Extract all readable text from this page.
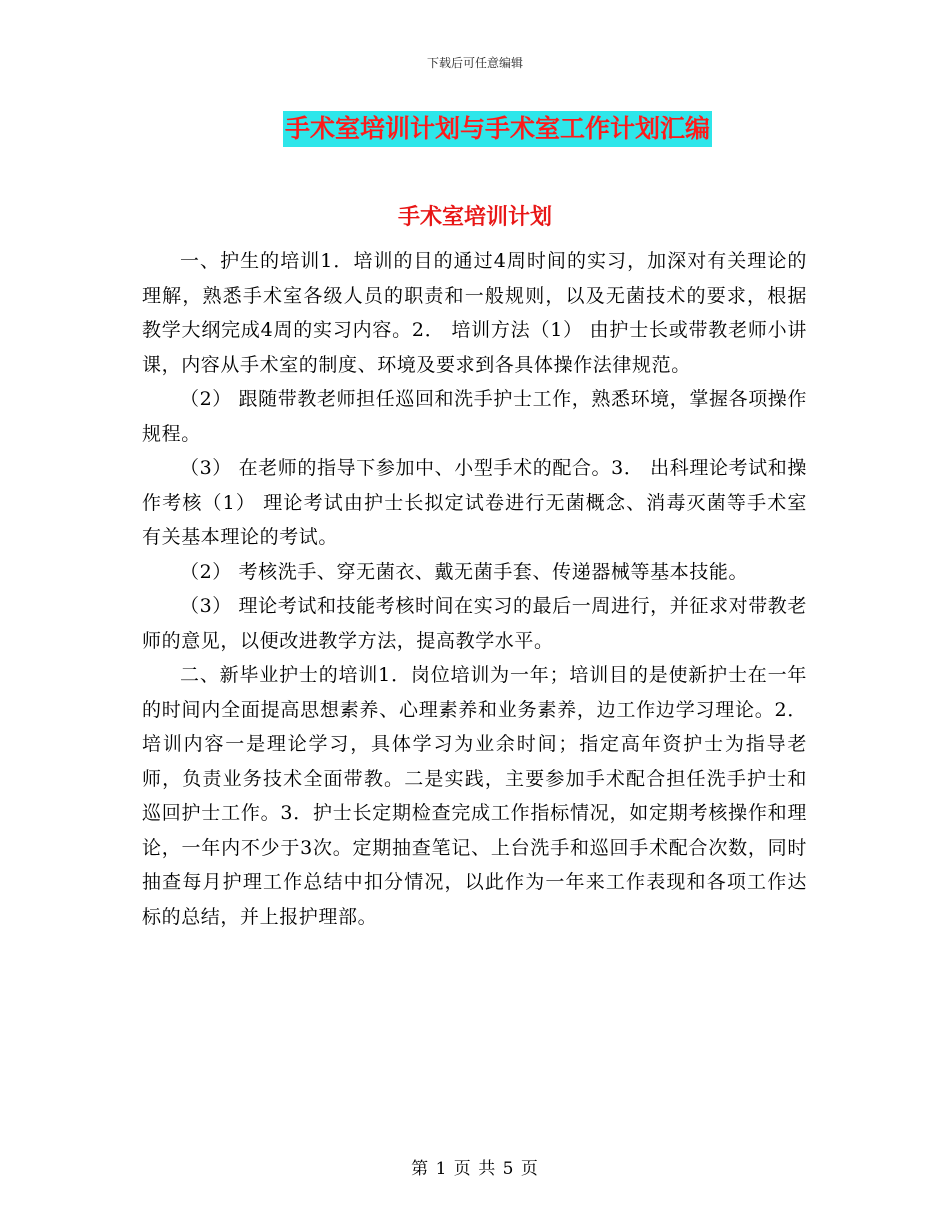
下载后可任意编辑
手术室培训计划与手术室工作计划汇编
手术室培训计划

一、护生的培训1．培训的目的通过4周时间的实习，加深对有关理论的理解，熟悉手术室各级人员的职责和一般规则，以及无菌技术的要求，根据教学大纲完成4周的实习内容。2． 培训方法（1） 由护士长或带教老师小讲课，内容从手术室的制度、环境及要求到各具体操作法律规范。

（2） 跟随带教老师担任巡回和洗手护士工作，熟悉环境，掌握各项操作规程。

（3） 在老师的指导下参加中、小型手术的配合。3． 出科理论考试和操作考核（1） 理论考试由护士长拟定试卷进行无菌概念、消毒灭菌等手术室有关基本理论的考试。

（2） 考核洗手、穿无菌衣、戴无菌手套、传递器械等基本技能。

（3） 理论考试和技能考核时间在实习的最后一周进行，并征求对带教老师的意见，以便改进教学方法，提高教学水平。

二、新毕业护士的培训1．岗位培训为一年；培训目的是使新护士在一年的时间内全面提高思想素养、心理素养和业务素养，边工作边学习理论。2．培训内容一是理论学习，具体学习为业余时间；指定高年资护士为指导老师，负责业务技术全面带教。二是实践，主要参加手术配合担任洗手护士和巡回护士工作。3．护士长定期检查完成工作指标情况，如定期考核操作和理论，一年内不少于3次。定期抽查笔记、上台洗手和巡回手术配合次数，同时抽查每月护理工作总结中扣分情况，以此作为一年来工作表现和各项工作达标的总结，并上报护理部。

第 1 页 共 5 页
